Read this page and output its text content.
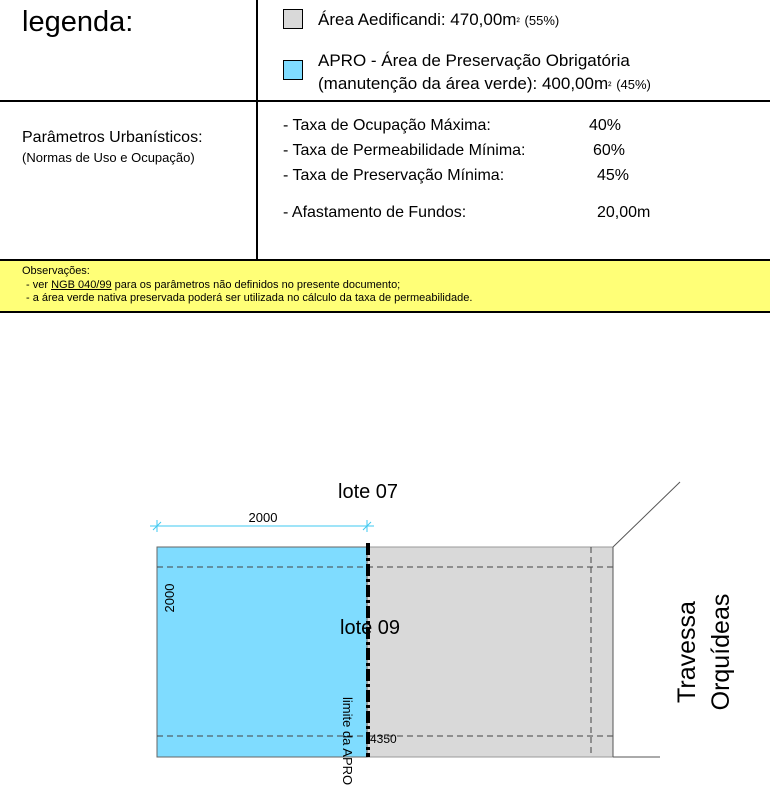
legenda:	Área Aedificandi: 470,00m² (55%)
APRO - Área de Preservação Obrigatória
(manutenção da área verde): 400,00m² (45%)
Parâmetros Urbanísticos:
(Normas de Uso e Ocupação)
- Taxa de Ocupação Máxima:	40%
- Taxa de Permeabilidade Mínima:	60%
- Taxa de Preservação Mínima:	45%
- Afastamento de Fundos:	20,00m
Observações:
- ver NGB 040/99 para os parâmetros não definidos no presente documento;
- a área verde nativa preservada poderá ser utilizada no cálculo da taxa de permeabilidade.
2000
2000
4350
lote 07
lote 09
limite da APRO
Travessa Orquídeas
